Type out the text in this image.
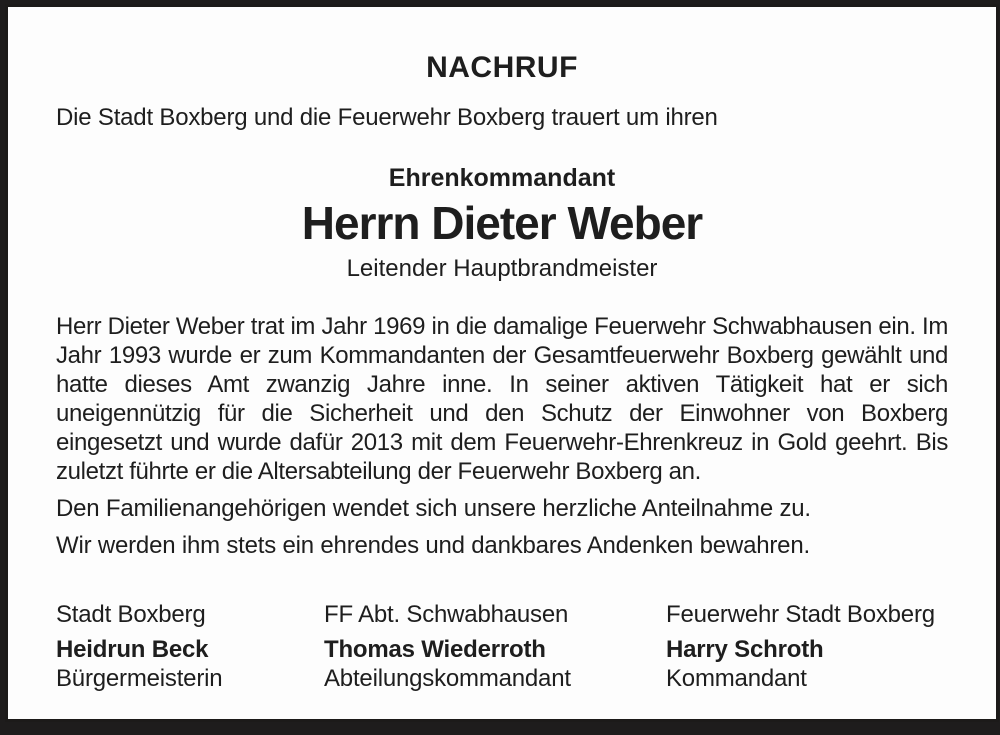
NACHRUF

Die Stadt Boxberg und die Feuerwehr Boxberg trauert um ihren

Ehrenkommandant
Herrn Dieter Weber
Leitender Hauptbrandmeister

Herr Dieter Weber trat im Jahr 1969 in die damalige Feuerwehr Schwabhausen ein. Im Jahr 1993 wurde er zum Kommandanten der Gesamtfeuerwehr Boxberg gewählt und hatte dieses Amt zwanzig Jahre inne. In seiner aktiven Tätigkeit hat er sich uneigennützig für die Sicherheit und den Schutz der Einwohner von Boxberg eingesetzt und wurde dafür 2013 mit dem Feuerwehr-Ehrenkreuz in Gold geehrt. Bis zuletzt führte er die Altersabteilung der Feuerwehr Boxberg an.

Den Familienangehörigen wendet sich unsere herzliche Anteilnahme zu.

Wir werden ihm stets ein ehrendes und dankbares Andenken bewahren.

Stadt Boxberg
Heidrun Beck
Bürgermeisterin
FF Abt. Schwabhausen
Thomas Wiederroth
Abteilungskommandant
Feuerwehr Stadt Boxberg
Harry Schroth
Kommandant
